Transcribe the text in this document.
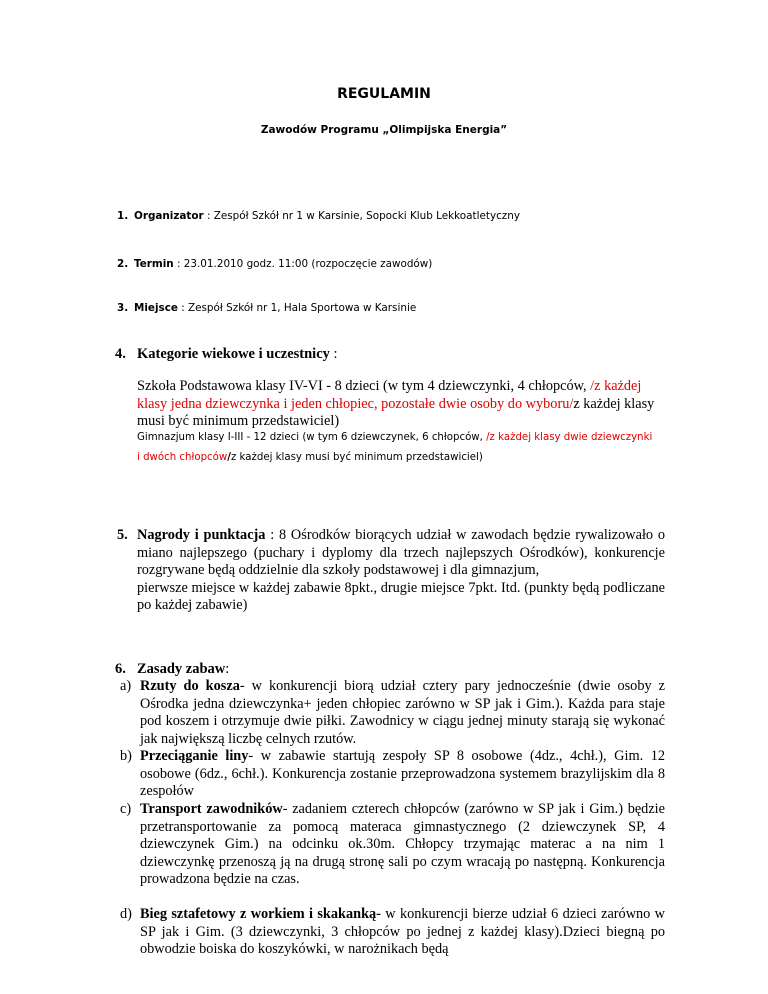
REGULAMIN
Zawodów Programu „Olimpijska Energia”
1. Organizator : Zespół Szkół nr 1 w Karsinie, Sopocki Klub Lekkoatletyczny
2. Termin : 23.01.2010 godz. 11:00 (rozpoczęcie zawodów)
3. Miejsce : Zespół Szkół nr 1, Hala Sportowa w Karsinie
4. Kategorie wiekowe i uczestnicy :
Szkoła Podstawowa klasy IV-VI - 8 dzieci (w tym 4 dziewczynki, 4 chłopców, /z każdej klasy jedna dziewczynka i jeden chłopiec, pozostałe dwie osoby do wyboru/z każdej klasy musi być minimum przedstawiciel)
Gimnazjum klasy I-III - 12 dzieci (w tym 6 dziewczynek, 6 chłopców, /z każdej klasy dwie dziewczynki i dwóch chłopców/z każdej klasy musi być minimum przedstawiciel)
5. Nagrody i punktacja : 8 Ośrodków biorących udział w zawodach będzie rywalizowało o miano najlepszego (puchary i dyplomy dla trzech najlepszych Ośrodków), konkurencje rozgrywane będą oddzielnie dla szkoły podstawowej i dla gimnazjum,
pierwsze miejsce w każdej zabawie 8pkt., drugie miejsce 7pkt. Itd. (punkty będą podliczane po każdej zabawie)
6. Zasady zabaw:
a) Rzuty do kosza- w konkurencji biorą udział cztery pary jednocześnie (dwie osoby z Ośrodka jedna dziewczynka+ jeden chłopiec zarówno w SP jak i Gim.). Każda para staje pod koszem i otrzymuje dwie piłki. Zawodnicy w ciągu jednej minuty starają się wykonać jak największą liczbę celnych rzutów.
b) Przeciąganie liny- w zabawie startują zespoły SP 8 osobowe (4dz., 4chł.), Gim. 12 osobowe (6dz., 6chł.). Konkurencja zostanie przeprowadzona systemem brazylijskim dla 8 zespołów
c) Transport zawodników- zadaniem czterech chłopców (zarówno w SP jak i Gim.) będzie przetransportowanie za pomocą materaca gimnastycznego (2 dziewczynek SP, 4 dziewczynek Gim.) na odcinku ok.30m. Chłopcy trzymając materac a na nim 1 dziewczynkę przenoszą ją na drugą stronę sali po czym wracają po następną. Konkurencja prowadzona będzie na czas.
d) Bieg sztafetowy z workiem i skakanką- w konkurencji bierze udział 6 dzieci zarówno w SP jak i Gim. (3 dziewczynki, 3 chłopców po jednej z każdej klasy).Dzieci biegną po obwodzie boiska do koszykówki, w narożnikach będą
